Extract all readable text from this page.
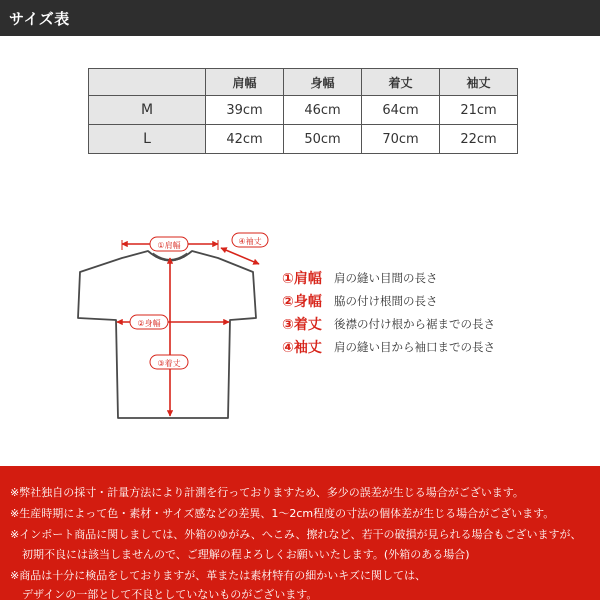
サイズ表
	肩幅	身幅	着丈	袖丈
M	39cm	46cm	64cm	21cm
L	42cm	50cm	70cm	22cm
①肩幅
②身幅
③着丈
④袖丈
①肩幅 肩の縫い目間の長さ
②身幅 脇の付け根間の長さ
③着丈 後襟の付け根から裾までの長さ
④袖丈 肩の縫い目から袖口までの長さ
※弊社独自の採寸・計量方法により計測を行っておりますため、多少の誤差が生じる場合がございます。
※生産時期によって色・素材・サイズ感などの差異、1～2cm程度の寸法の個体差が生じる場合がございます。
※インポート商品に関しましては、外箱のゆがみ、へこみ、擦れなど、若干の破損が見られる場合もございますが、
初期不良には該当しませんので、ご理解の程よろしくお願いいたします。(外箱のある場合)
※商品は十分に検品をしておりますが、革または素材特有の細かいキズに関しては、
デザインの一部として不良としていないものがございます。
